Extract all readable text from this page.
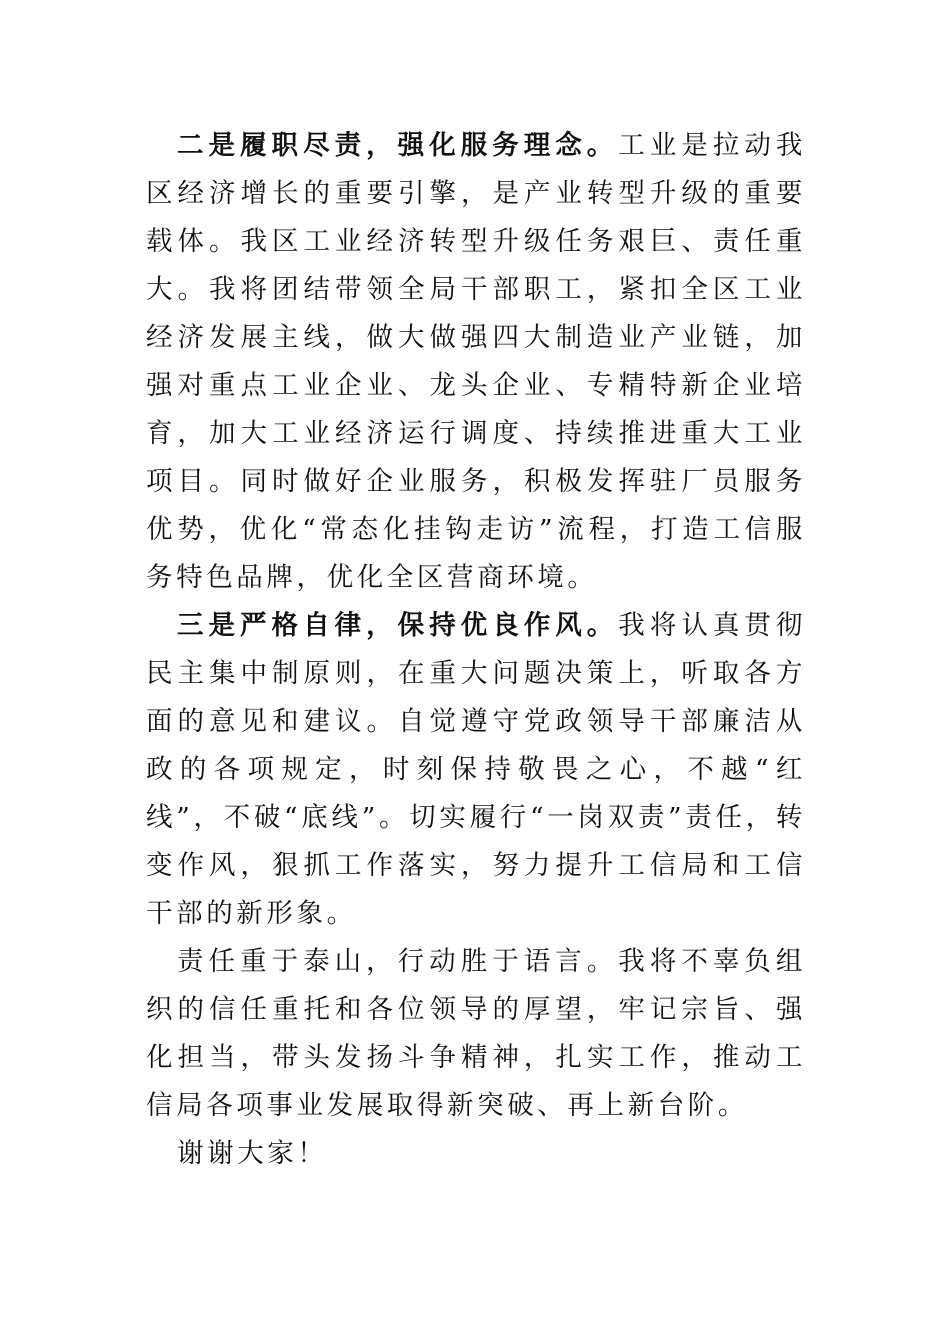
二是履职尽责，强化服务理念。工业是拉动我区经济增长的重要引擎，是产业转型升级的重要载体。我区工业经济转型升级任务艰巨、责任重大。我将团结带领全局干部职工，紧扣全区工业经济发展主线，做大做强四大制造业产业链，加强对重点工业企业、龙头企业、专精特新企业培育，加大工业经济运行调度、持续推进重大工业项目。同时做好企业服务，积极发挥驻厂员服务优势，优化“常态化挂钩走访”流程，打造工信服务特色品牌，优化全区营商环境。

三是严格自律，保持优良作风。我将认真贯彻民主集中制原则，在重大问题决策上，听取各方面的意见和建议。自觉遵守党政领导干部廉洁从政的各项规定，时刻保持敬畏之心，不越“红线”，不破“底线”。切实履行“一岗双责”责任，转变作风，狠抓工作落实，努力提升工信局和工信干部的新形象。

责任重于泰山，行动胜于语言。我将不辜负组织的信任重托和各位领导的厚望，牢记宗旨、强化担当，带头发扬斗争精神，扎实工作，推动工信局各项事业发展取得新突破、再上新台阶。

谢谢大家！
